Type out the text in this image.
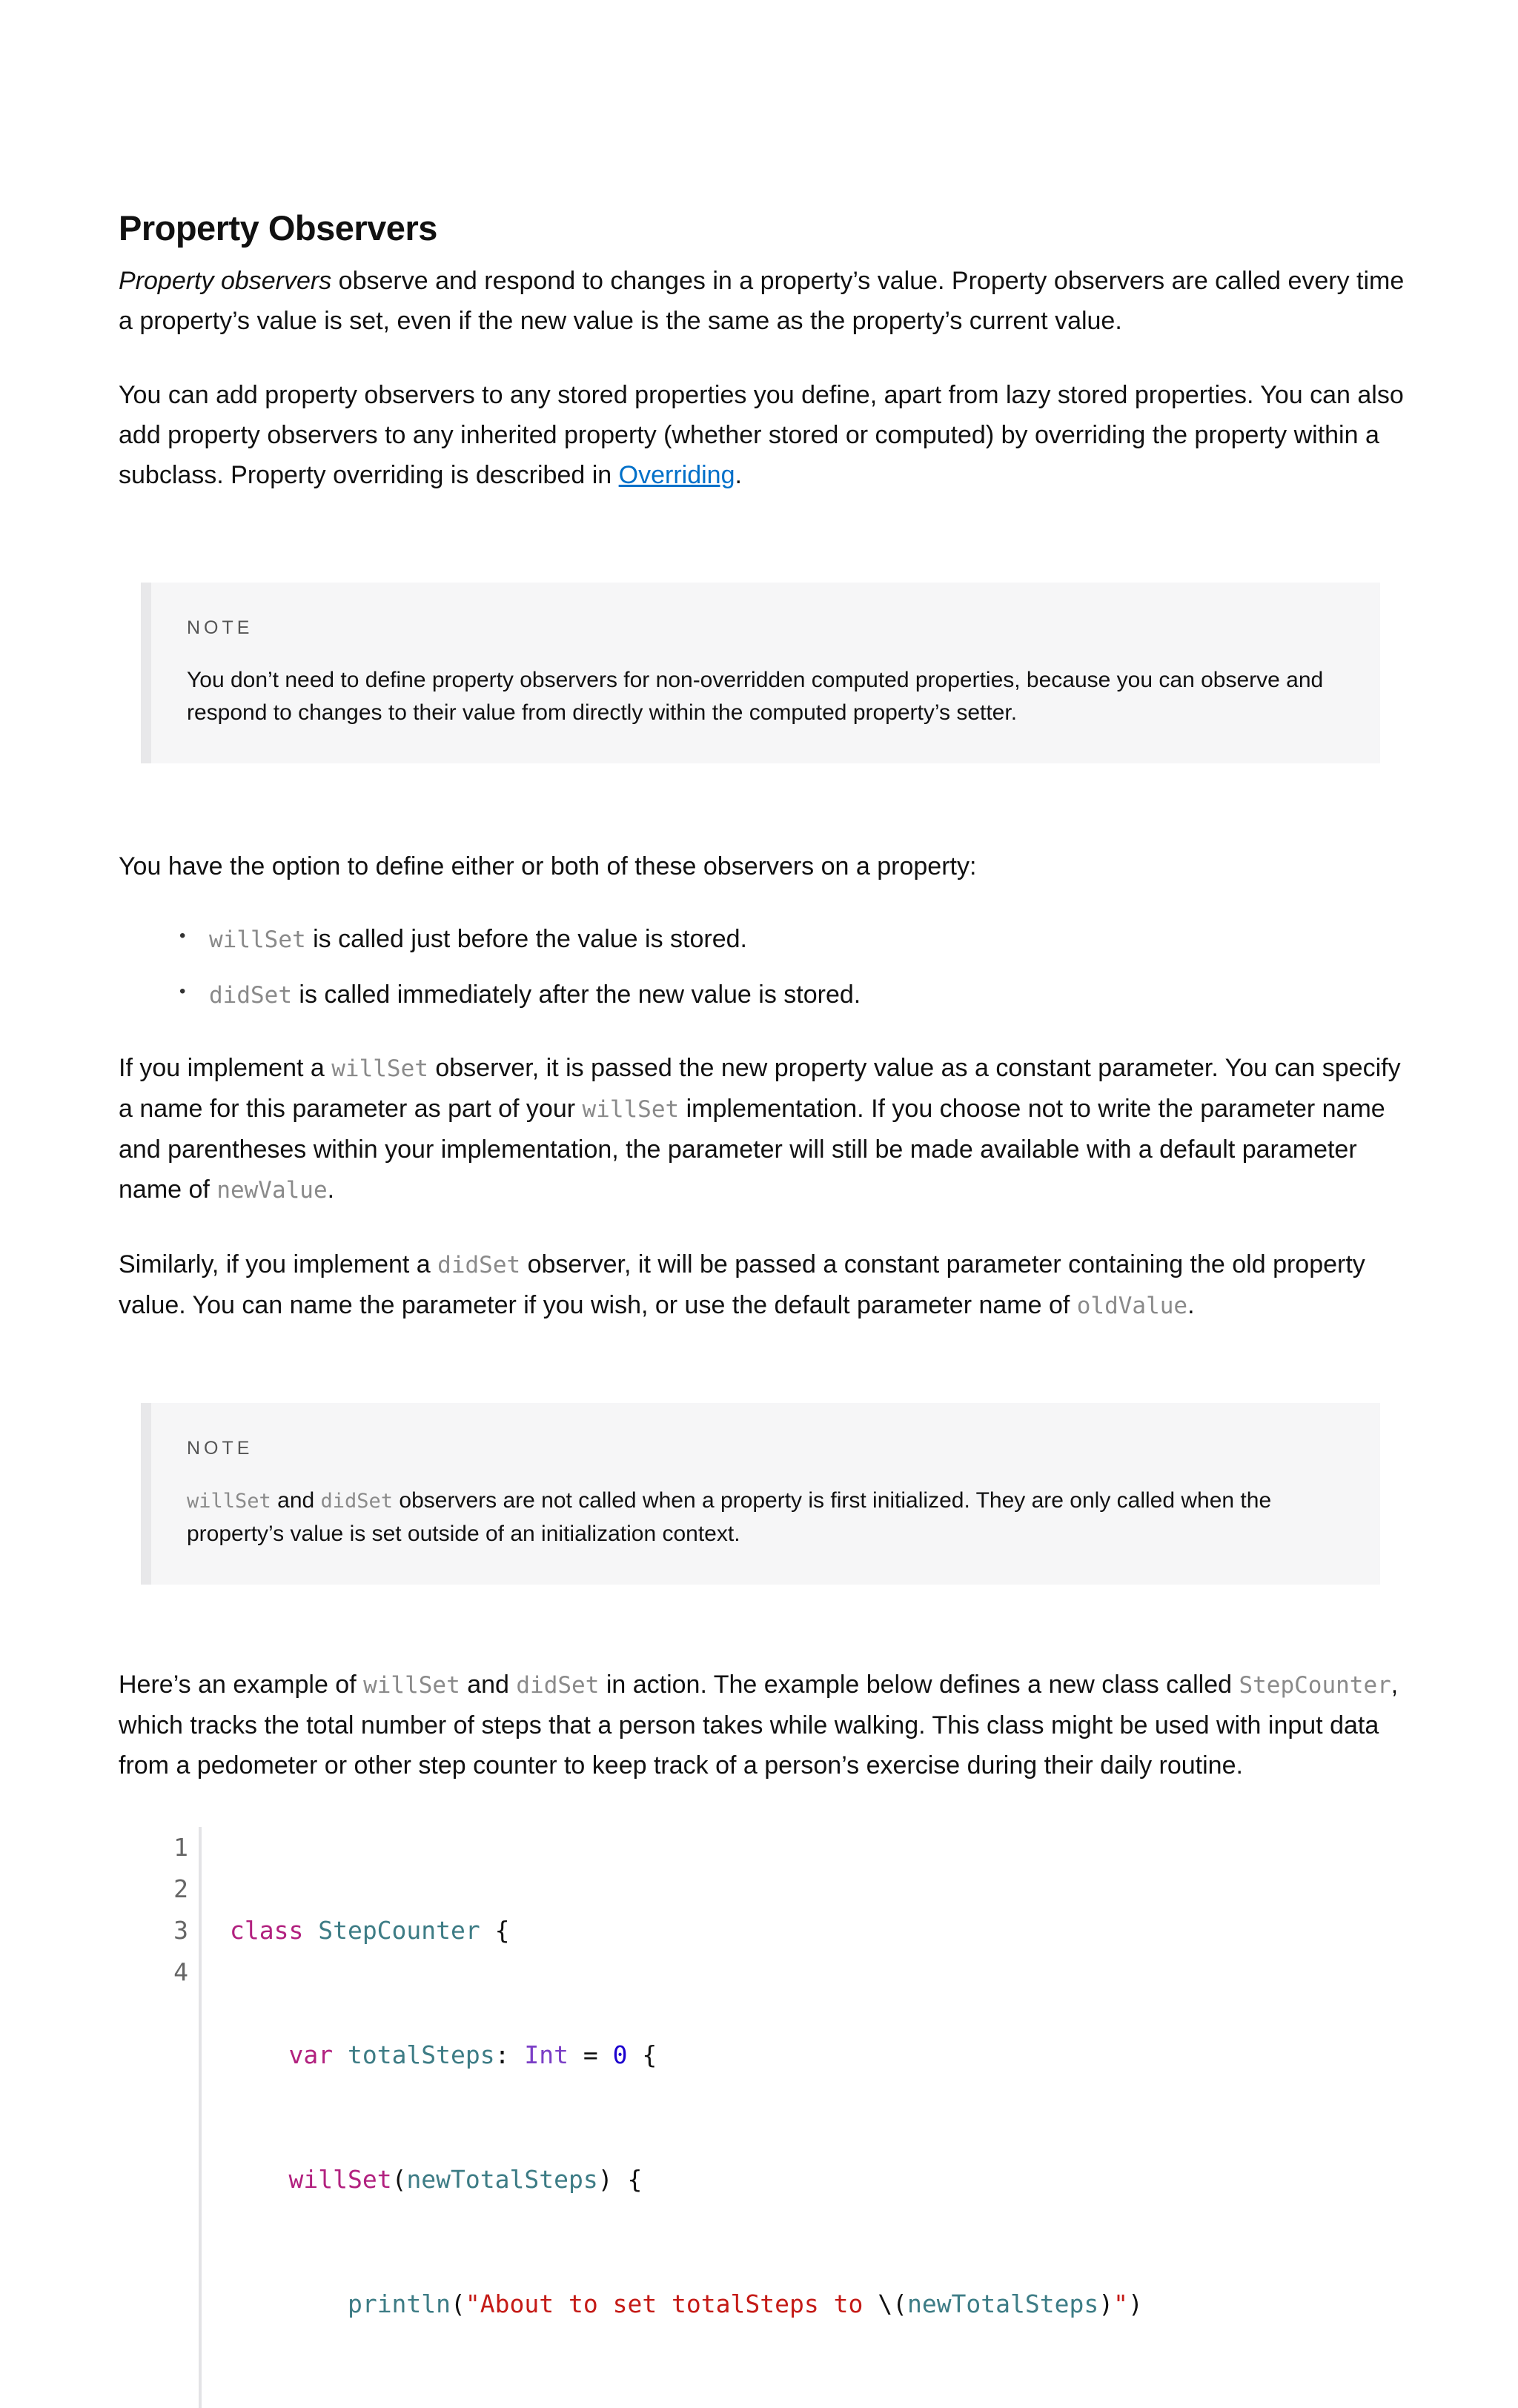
Property Observers

Property observers observe and respond to changes in a property’s value. Property observers are called every time a property’s value is set, even if the new value is the same as the property’s current value.

You can add property observers to any stored properties you define, apart from lazy stored properties. You can also add property observers to any inherited property (whether stored or computed) by overriding the property within a subclass. Property overriding is described in Overriding.

NOTE
You don’t need to define property observers for non-overridden computed properties, because you can observe and respond to changes to their value from directly within the computed property’s setter.

You have the option to define either or both of these observers on a property:

• willSet is called just before the value is stored.
• didSet is called immediately after the new value is stored.

If you implement a willSet observer, it is passed the new property value as a constant parameter. You can specify a name for this parameter as part of your willSet implementation. If you choose not to write the parameter name and parentheses within your implementation, the parameter will still be made available with a default parameter name of newValue.

Similarly, if you implement a didSet observer, it will be passed a constant parameter containing the old property value. You can name the parameter if you wish, or use the default parameter name of oldValue.

NOTE
willSet and didSet observers are not called when a property is first initialized. They are only called when the property’s value is set outside of an initialization context.

Here’s an example of willSet and didSet in action. The example below defines a new class called StepCounter, which tracks the total number of steps that a person takes while walking. This class might be used with input data from a pedometer or other step counter to keep track of a person’s exercise during their daily routine.

1
2
3
4

class StepCounter {

var totalSteps: Int = 0 {

willSet(newTotalSteps) {

println("About to set totalSteps to \(newTotalSteps)")
